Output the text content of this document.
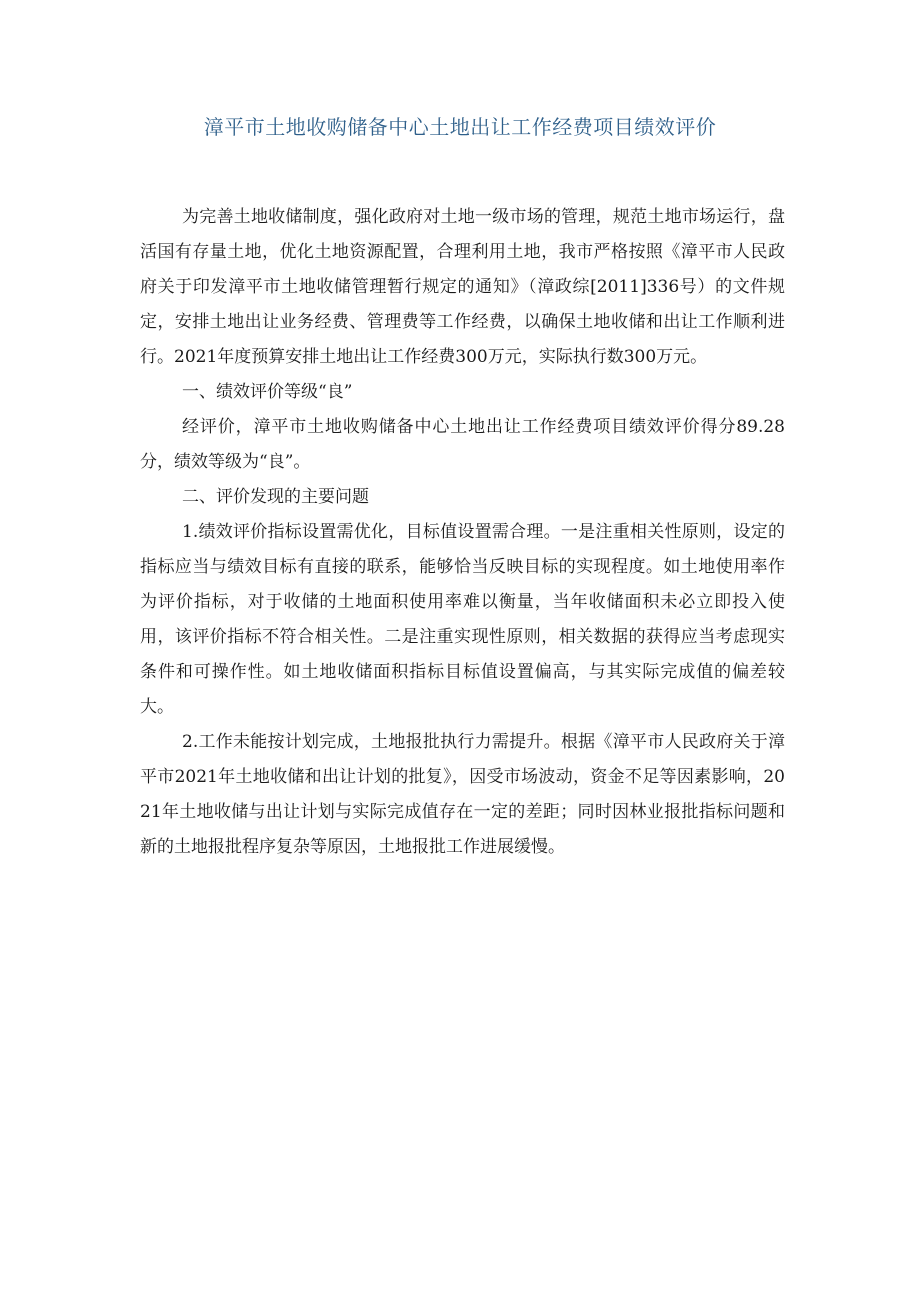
漳平市土地收购储备中心土地出让工作经费项目绩效评价

为完善土地收储制度，强化政府对土地一级市场的管理，规范土地市场运行，盘活国有存量土地，优化土地资源配置，合理利用土地，我市严格按照《漳平市人民政府关于印发漳平市土地收储管理暂行规定的通知》（漳政综[2011]336号）的文件规定，安排土地出让业务经费、管理费等工作经费，以确保土地收储和出让工作顺利进行。2021年度预算安排土地出让工作经费300万元，实际执行数300万元。

一、绩效评价等级“良”

经评价，漳平市土地收购储备中心土地出让工作经费项目绩效评价得分89.28分，绩效等级为“良”。

二、评价发现的主要问题

1.绩效评价指标设置需优化，目标值设置需合理。一是注重相关性原则，设定的指标应当与绩效目标有直接的联系，能够恰当反映目标的实现程度。如土地使用率作为评价指标，对于收储的土地面积使用率难以衡量，当年收储面积未必立即投入使用，该评价指标不符合相关性。二是注重实现性原则，相关数据的获得应当考虑现实条件和可操作性。如土地收储面积指标目标值设置偏高，与其实际完成值的偏差较大。

2.工作未能按计划完成，土地报批执行力需提升。根据《漳平市人民政府关于漳平市2021年土地收储和出让计划的批复》，因受市场波动，资金不足等因素影响，2021年土地收储与出让计划与实际完成值存在一定的差距；同时因林业报批指标问题和新的土地报批程序复杂等原因，土地报批工作进展缓慢。
